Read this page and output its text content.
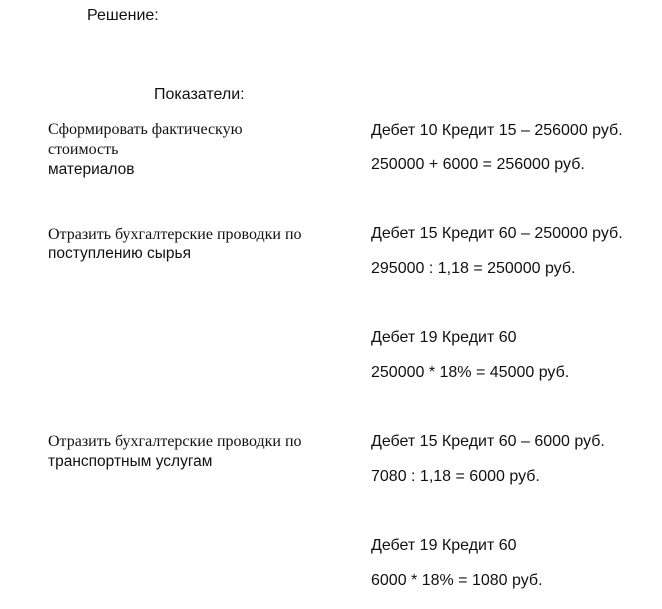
Решение:
Показатели:
Сформировать фактическую
стоимость
материалов
Дебет 10 Кредит 15 – 256000 руб.
250000 + 6000 = 256000 руб.
Отразить бухгалтерские проводки по
поступлению сырья
Дебет 15 Кредит 60 – 250000 руб.
295000 : 1,18 = 250000 руб.
Дебет 19 Кредит 60
250000 * 18% = 45000 руб.
Отразить бухгалтерские проводки по
транспортным услугам
Дебет 15 Кредит 60 – 6000 руб.
7080 : 1,18 = 6000 руб.
Дебет 19 Кредит 60
6000 * 18% = 1080 руб.
